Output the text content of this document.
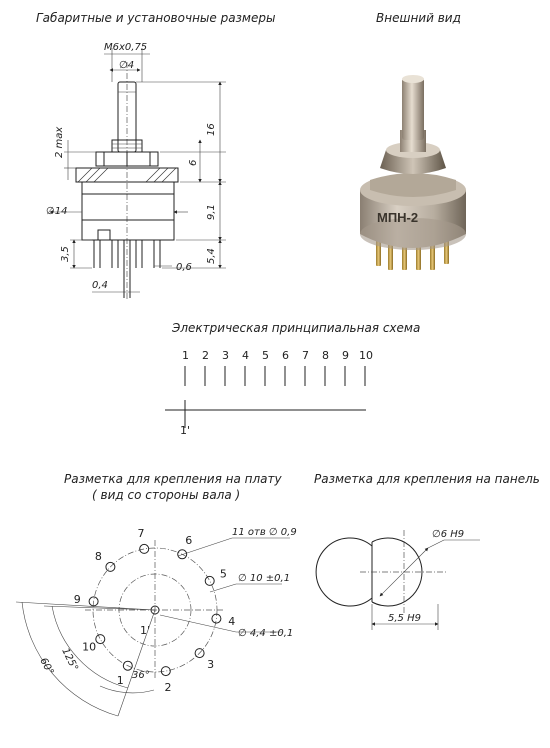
Габаритные и установочные размеры	Внешний вид
Электрическая принципиальная схема
Разметка для крепления на плату
( вид со стороны вала )
Разметка для крепления на панель
М6х0,75
∅4
2 max
∅14
3,5
0,6
0,4
16
6
9,1
5,4
МПН-2
1'
1 2 3 4 5 6 7 8 9 10
1'
11 отв ∅ 0,9
∅ 10 ±0,1
∅ 4,4 ±0,1
36°
125°
60°
1
2
3
4
5
6
7
8
9
10
∅6 Н9
5,5 Н9
